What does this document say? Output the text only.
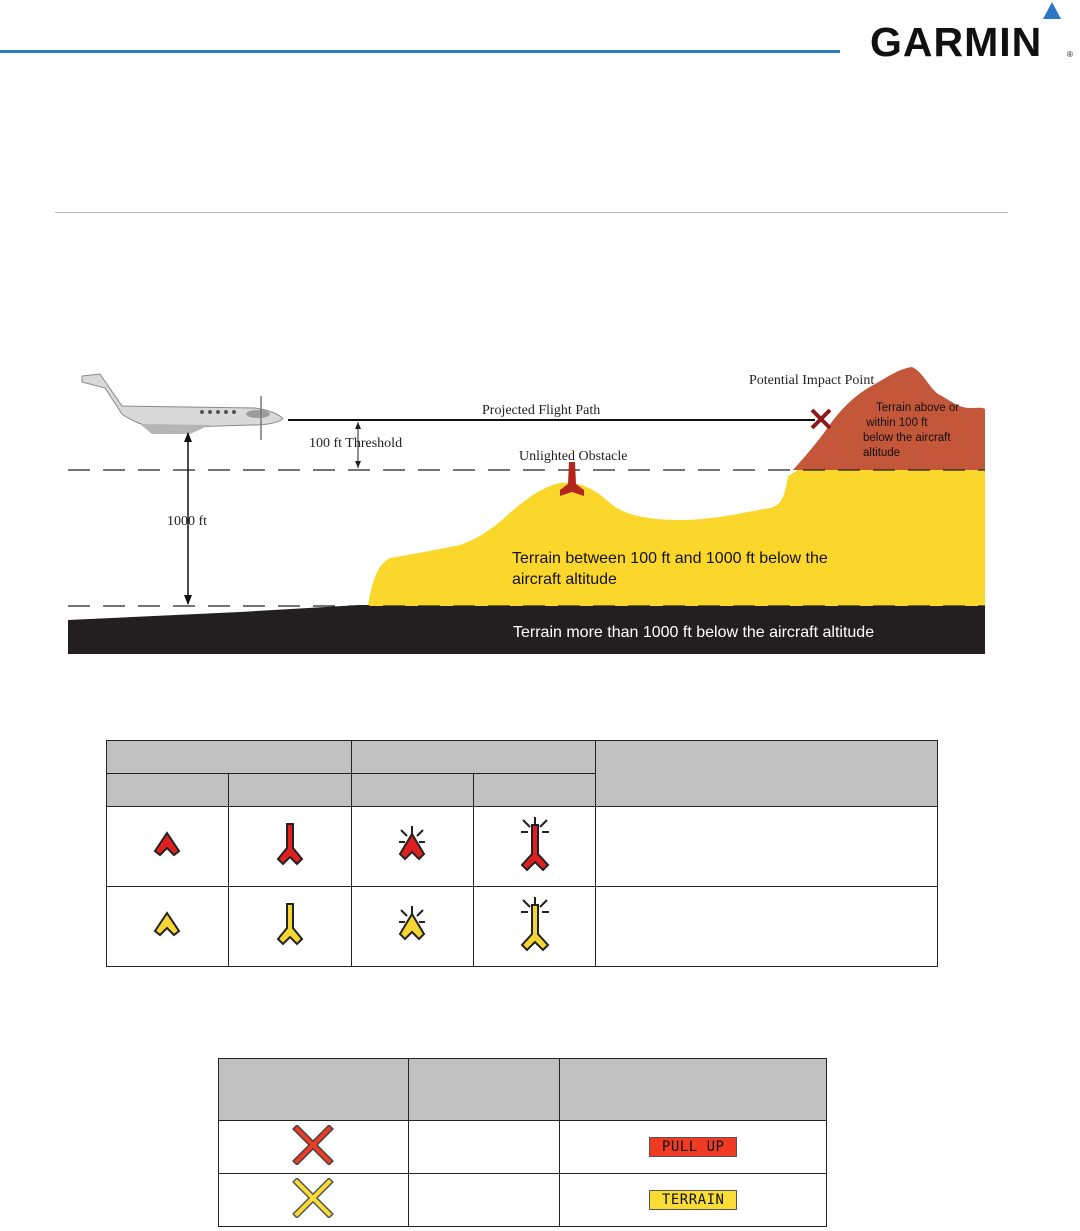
GARMIN	®
Potential Impact Point
Projected Flight Path
100 ft Threshold
Unlighted Obstacle
1000 ft
Terrain above or
within 100 ft
below the aircraft
altitude
Terrain between 100 ft and 1000 ft below the
aircraft altitude
Terrain more than 1000 ft below the aircraft altitude

		PULL UP
		TERRAIN
